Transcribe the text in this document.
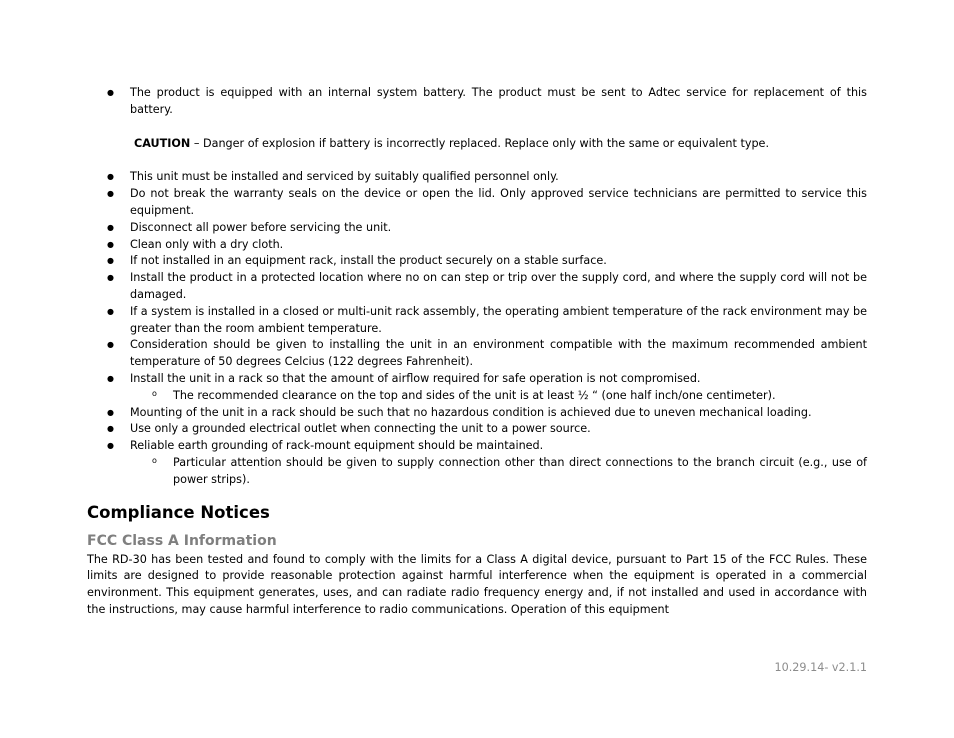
● The product is equipped with an internal system battery. The product must be sent to Adtec service for replacement of this battery.
CAUTION – Danger of explosion if battery is incorrectly replaced. Replace only with the same or equivalent type.
● This unit must be installed and serviced by suitably qualified personnel only.
● Do not break the warranty seals on the device or open the lid. Only approved service technicians are permitted to service this equipment.
● Disconnect all power before servicing the unit.
● Clean only with a dry cloth.
● If not installed in an equipment rack, install the product securely on a stable surface.
● Install the product in a protected location where no on can step or trip over the supply cord, and where the supply cord will not be damaged.
● If a system is installed in a closed or multi-unit rack assembly, the operating ambient temperature of the rack environment may be greater than the room ambient temperature.
● Consideration should be given to installing the unit in an environment compatible with the maximum recommended ambient temperature of 50 degrees Celcius (122 degrees Fahrenheit).
● Install the unit in a rack so that the amount of airflow required for safe operation is not compromised.
o The recommended clearance on the top and sides of the unit is at least ½ “ (one half inch/one centimeter).
● Mounting of the unit in a rack should be such that no hazardous condition is achieved due to uneven mechanical loading.
● Use only a grounded electrical outlet when connecting the unit to a power source.
● Reliable earth grounding of rack-mount equipment should be maintained.
o Particular attention should be given to supply connection other than direct connections to the branch circuit (e.g., use of power strips).
Compliance Notices
FCC Class A Information

The RD-30 has been tested and found to comply with the limits for a Class A digital device, pursuant to Part 15 of the FCC Rules. These limits are designed to provide reasonable protection against harmful interference when the equipment is operated in a commercial environment. This equipment generates, uses, and can radiate radio frequency energy and, if not installed and used in accordance with the instructions, may cause harmful interference to radio communications. Operation of this equipment

10.29.14- v2.1.1
